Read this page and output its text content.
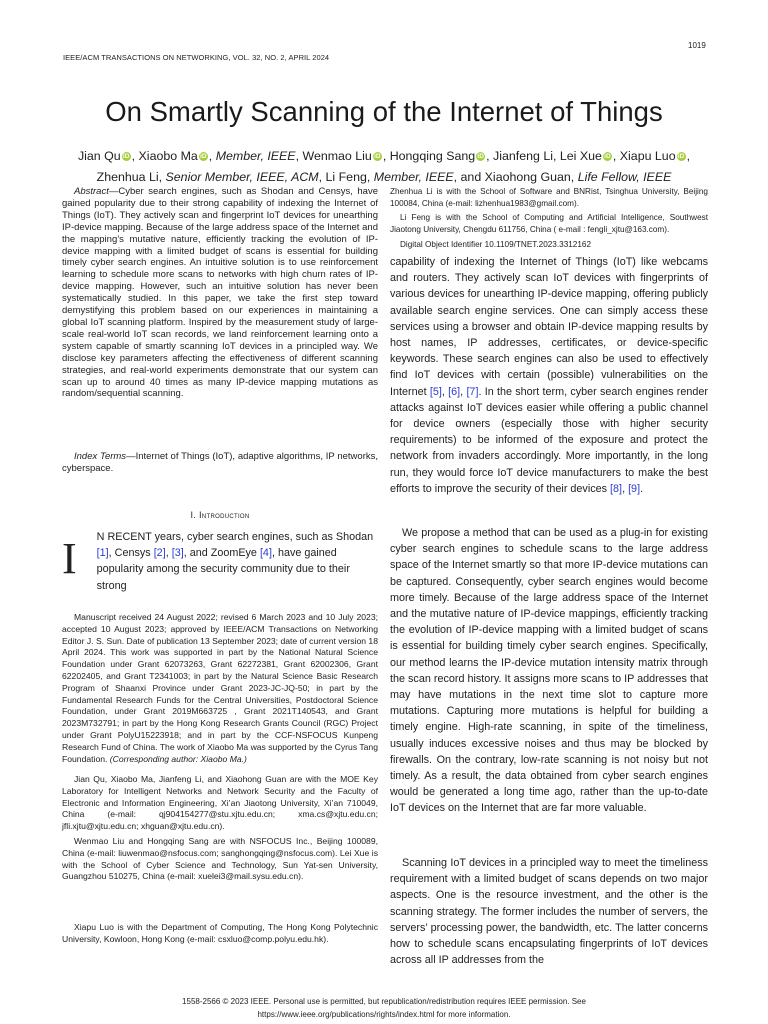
1019
IEEE/ACM TRANSACTIONS ON NETWORKING, VOL. 32, NO. 2, APRIL 2024
On Smartly Scanning of the Internet of Things
Jian Qu iD , Xiaobo Ma iD , Member, IEEE, Wenmao Liu iD , Hongqing Sang iD , Jianfeng Li, Lei Xue iD , Xiapu Luo iD ,
Zhenhua Li, Senior Member, IEEE, ACM, Li Feng, Member, IEEE, and Xiaohong Guan, Life Fellow, IEEE
Abstract—Cyber search engines, such as Shodan and Censys, have gained popularity due to their strong capability of indexing the Internet of Things (IoT). They actively scan and fingerprint IoT devices for unearthing IP-device mapping. Because of the large address space of the Internet and the mapping’s mutative nature, efficiently tracking the evolution of IP-device mapping with a limited budget of scans is essential for building timely cyber search engines. An intuitive solution is to use reinforcement learning to schedule more scans to networks with high churn rates of IP-device mapping. However, such an intuitive solution has never been systematically studied. In this paper, we take the first step toward demystifying this problem based on our experiences in maintaining a global IoT scanning platform. Inspired by the measurement study of large-scale real-world IoT scan records, we land reinforcement learning onto a system capable of smartly scanning IoT devices in a principled way. We disclose key parameters affecting the effectiveness of different scanning strategies, and real-world experiments demonstrate that our system can scan up to around 40 times as many IP-device mapping mutations as random/sequential scanning.
Index Terms—Internet of Things (IoT), adaptive algorithms, IP networks, cyberspace.
I. Introduction
I N RECENT years, cyber search engines, such as Shodan [1], Censys [2], [3], and ZoomEye [4], have gained popularity among the security community due to their strong
Manuscript received 24 August 2022; revised 6 March 2023 and 10 July 2023; accepted 10 August 2023; approved by IEEE/ACM Transactions on Networking Editor J. S. Sun. Date of publication 13 September 2023; date of current version 18 April 2024. This work was supported in part by the National Natural Science Foundation under Grant 62073263, Grant 62272381, Grant 62002306, Grant 62202405, and Grant T2341003; in part by the Natural Science Basic Research Program of Shaanxi Province under Grant 2023-JC-JQ-50; in part by the Fundamental Research Funds for the Central Universities, Postdoctoral Science Foundation, under Grant 2019M663725 , Grant 2021T140543, and Grant 2023M732791; in part by the Hong Kong Research Grants Council (RGC) Project under Grant PolyU15223918; and in part by the CCF-NSFOCUS Kunpeng Research Fund of China. The work of Xiaobo Ma was supported by the Cyrus Tang Foundation. (Corresponding author: Xiaobo Ma.)
Jian Qu, Xiaobo Ma, Jianfeng Li, and Xiaohong Guan are with the MOE Key Laboratory for Intelligent Networks and Network Security and the Faculty of Electronic and Information Engineering, Xi’an Jiaotong University, Xi’an 710049, China (e-mail: qj904154277@stu.xjtu.edu.cn; xma.cs@xjtu.edu.cn; jfli.xjtu@xjtu.edu.cn; xhguan@xjtu.edu.cn).
Wenmao Liu and Hongqing Sang are with NSFOCUS Inc., Beijing 100089, China (e-mail: liuwenmao@nsfocus.com; sanghongqing@nsfocus.com). Lei Xue is with the School of Cyber Science and Technology, Sun Yat-sen University, Guangzhou 510275, China (e-mail: xuelei3@mail.sysu.edu.cn).
Xiapu Luo is with the Department of Computing, The Hong Kong Polytechnic University, Kowloon, Hong Kong (e-mail: csxluo@comp.polyu.edu.hk).
Zhenhua Li is with the School of Software and BNRist, Tsinghua University, Beijing 100084, China (e-mail: lizhenhua1983@gmail.com).
Li Feng is with the School of Computing and Artificial Intelligence, Southwest Jiaotong University, Chengdu 611756, China ( e-mail : fengli_xjtu@163.com).
Digital Object Identifier 10.1109/TNET.2023.3312162
capability of indexing the Internet of Things (IoT) like webcams and routers. They actively scan IoT devices with fingerprints of various devices for unearthing IP-device mapping, offering publicly available search engine services. One can simply access these services using a browser and obtain IP-device mapping results by host names, IP addresses, certificates, or device-specific keywords. These search engines can also be used to effectively find IoT devices with certain (possible) vulnerabilities on the Internet [5], [6], [7]. In the short term, cyber search engines render attacks against IoT devices easier while offering a public channel for device owners (especially those with higher security requirements) to be informed of the exposure and protect the network from invaders accordingly. More importantly, in the long run, they would force IoT device manufacturers to make the best efforts to improve the security of their devices [8], [9].
We propose a method that can be used as a plug-in for existing cyber search engines to schedule scans to the large address space of the Internet smartly so that more IP-device mutations can be captured. Consequently, cyber search engines would become more timely. Because of the large address space of the Internet and the mutative nature of IP-device mappings, efficiently tracking the evolution of IP-device mapping with a limited budget of scans is essential for building timely cyber search engines. Specifically, our method learns the IP-device mutation intensity matrix through the scan record history. It assigns more scans to IP addresses that may have mutations in the next time slot to capture more mutations. Capturing more mutations is helpful for building a timely engine. High-rate scanning, in spite of the timeliness, usually induces excessive noises and thus may be blocked by firewalls. On the contrary, low-rate scanning is not noisy but not timely. As a result, the data obtained from cyber search engines would be generated a long time ago, rather than the up-to-date IoT devices on the Internet that are far more valuable.
Scanning IoT devices in a principled way to meet the timeliness requirement with a limited budget of scans depends on two major aspects. One is the resource investment, and the other is the scanning strategy. The former includes the number of servers, the servers’ processing power, the bandwidth, etc. The latter concerns how to schedule scans encapsulating fingerprints of IoT devices across all IP addresses from the
1558-2566 © 2023 IEEE. Personal use is permitted, but republication/redistribution requires IEEE permission. See
https://www.ieee.org/publications/rights/index.html for more information.
